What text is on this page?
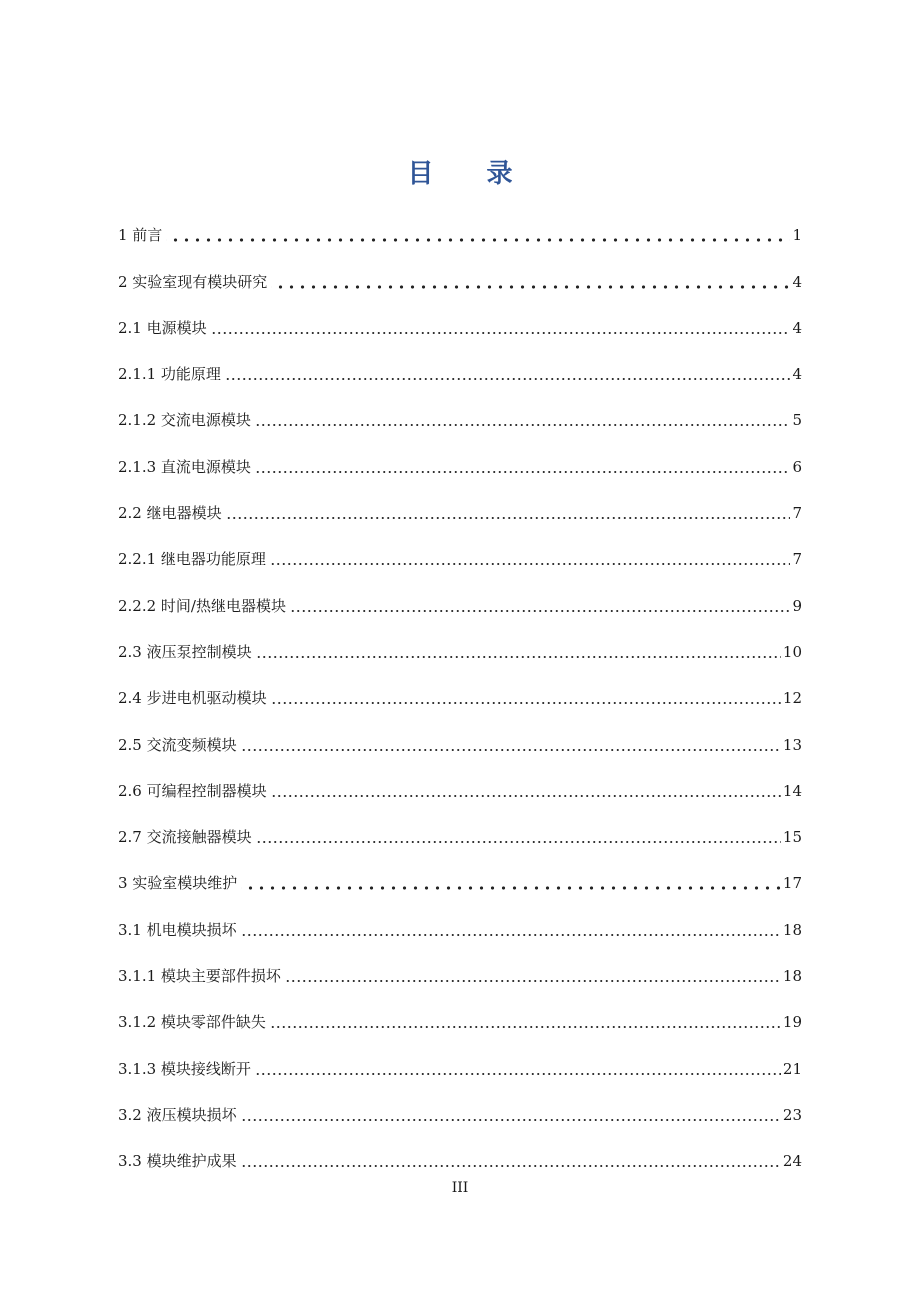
目 录
1 前言	1
2 实验室现有模块研究	4
2.1 电源模块	4
2.1.1 功能原理	4
2.1.2 交流电源模块	5
2.1.3 直流电源模块	6
2.2 继电器模块	7
2.2.1 继电器功能原理	7
2.2.2 时间/热继电器模块	9
2.3 液压泵控制模块	10
2.4 步进电机驱动模块	12
2.5 交流变频模块	13
2.6 可编程控制器模块	14
2.7 交流接触器模块	15
3 实验室模块维护	17
3.1 机电模块损坏	18
3.1.1 模块主要部件损坏	18
3.1.2 模块零部件缺失	19
3.1.3 模块接线断开	21
3.2 液压模块损坏	23
3.3 模块维护成果	24
III
